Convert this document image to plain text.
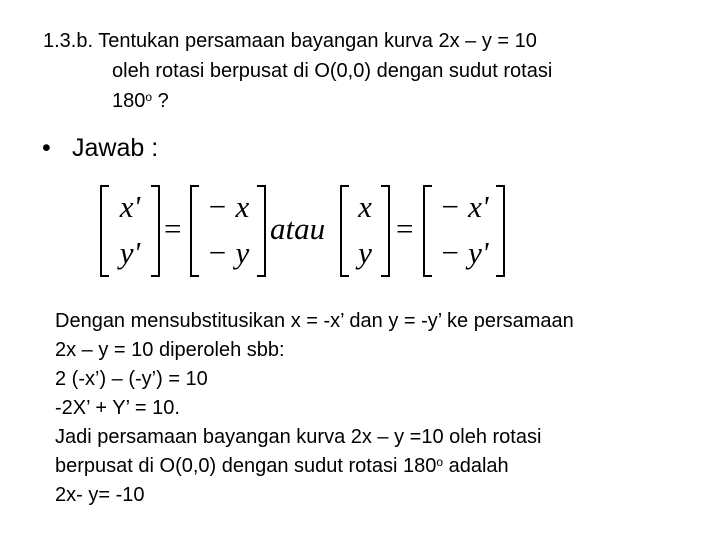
1.3.b. Tentukan persamaan bayangan kurva 2x – y = 10
oleh rotasi berpusat di O(0,0) dengan sudut rotasi
180$^o$ ?
• Jawab :
x'
y'
=
− x
− y
atau
x
y
=
− x'
− y'
Dengan mensubstitusikan x = -x’ dan y = -y’ ke persamaan
2x – y = 10 diperoleh sbb:
2 (-x’) – (-y’) = 10
-2X’ + Y’ = 10.
Jadi persamaan bayangan kurva 2x – y =10 oleh rotasi
berpusat di O(0,0) dengan sudut rotasi 180$^o$ adalah
2x- y= -10
